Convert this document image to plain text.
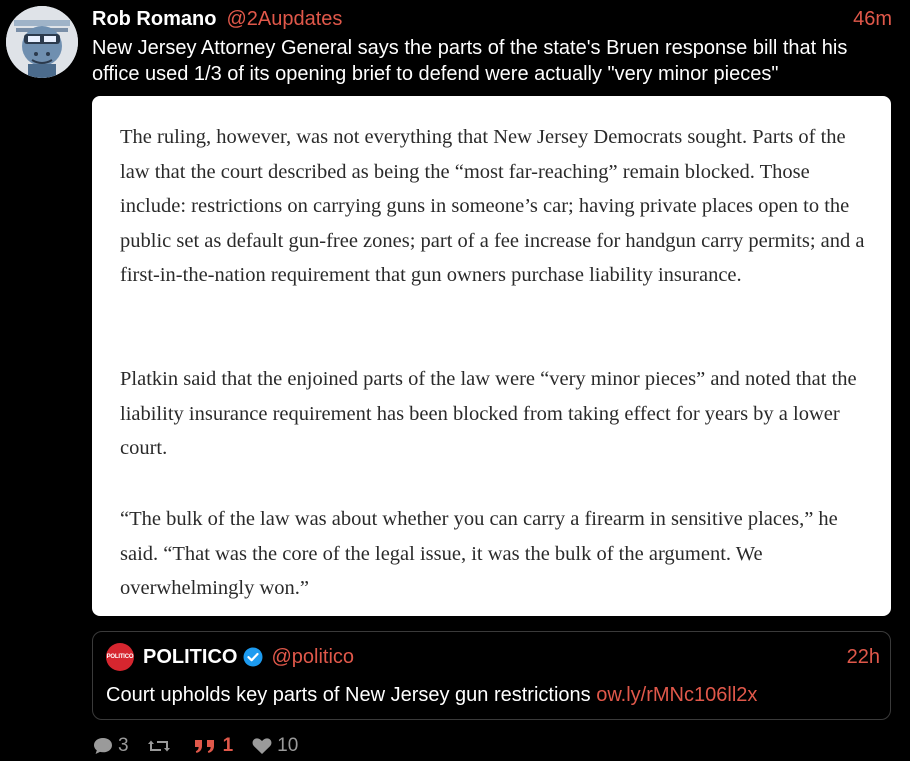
Rob Romano @2Aupdates	46m
New Jersey Attorney General says the parts of the state's Bruen response bill that his office used 1/3 of its opening brief to defend were actually "very minor pieces"
The ruling, however, was not everything that New Jersey Democrats sought. Parts of the law that the court described as being the “most far-reaching” remain blocked. Those include: restrictions on carrying guns in someone’s car; having private places open to the public set as default gun-free zones; part of a fee increase for handgun carry permits; and a first-in-the-nation requirement that gun owners purchase liability insurance.
Platkin said that the enjoined parts of the law were “very minor pieces” and noted that the liability insurance requirement has been blocked from taking effect for years by a lower court.
“The bulk of the law was about whether you can carry a firearm in sensitive places,” he said. “That was the core of the legal issue, it was the bulk of the argument. We overwhelmingly won.”
POLITICO POLITICO @politico	22h
Court upholds key parts of New Jersey gun restrictions ow.ly/rMNc106ll2x
3	1 10
